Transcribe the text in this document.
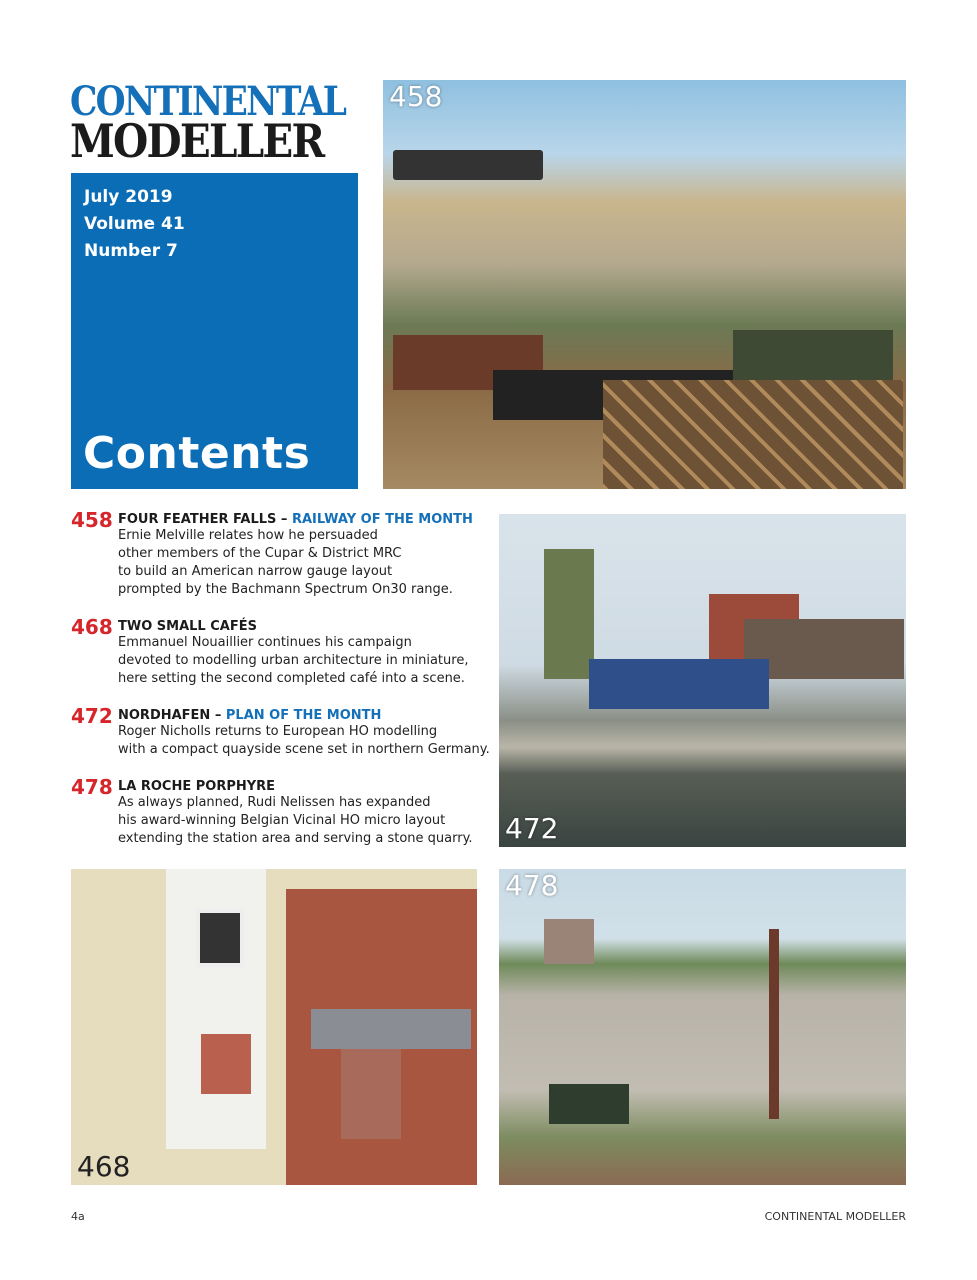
CONTINENTAL
MODELLER
July 2019
Volume 41
Number 7
Contents
458
472
468
478
458 FOUR FEATHER FALLS – RAILWAY OF THE MONTH
Ernie Melville relates how he persuaded
other members of the Cupar & District MRC
to build an American narrow gauge layout
prompted by the Bachmann Spectrum On30 range.
468 TWO SMALL CAFÉS
Emmanuel Nouaillier continues his campaign
devoted to modelling urban architecture in miniature,
here setting the second completed café into a scene.
472 NORDHAFEN – PLAN OF THE MONTH
Roger Nicholls returns to European HO modelling
with a compact quayside scene set in northern Germany.
478 LA ROCHE PORPHYRE
As always planned, Rudi Nelissen has expanded
his award-winning Belgian Vicinal HO micro layout
extending the station area and serving a stone quarry.
4a	CONTINENTAL MODELLER
